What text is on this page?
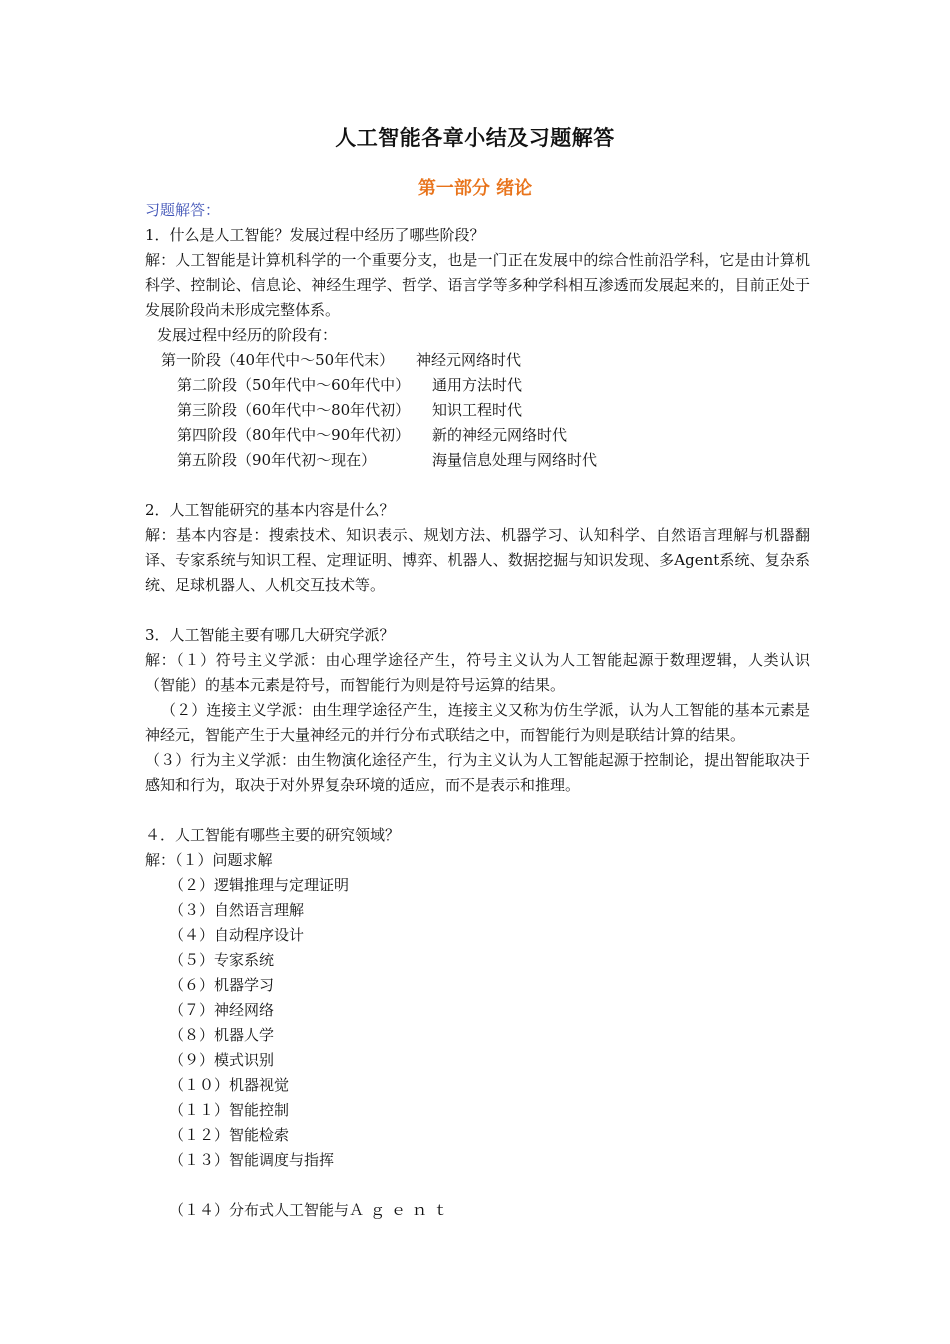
人工智能各章小结及习题解答
第一部分 绪论
习题解答：
1．什么是人工智能？发展过程中经历了哪些阶段？
解：人工智能是计算机科学的一个重要分支，也是一门正在发展中的综合性前沿学科，它是由计算机科学、控制论、信息论、神经生理学、哲学、语言学等多种学科相互渗透而发展起来的，目前正处于发展阶段尚未形成完整体系。
发展过程中经历的阶段有：
第一阶段（40年代中～50年代末） 神经元网络时代
第二阶段（50年代中～60年代中） 通用方法时代
第三阶段（60年代中～80年代初） 知识工程时代
第四阶段（80年代中～90年代初） 新的神经元网络时代
第五阶段（90年代初～现在）	海量信息处理与网络时代
2．人工智能研究的基本内容是什么？
解：基本内容是：搜索技术、知识表示、规划方法、机器学习、认知科学、自然语言理解与机器翻译、专家系统与知识工程、定理证明、博弈、机器人、数据挖掘与知识发现、多Agent系统、复杂系统、足球机器人、人机交互技术等。
3．人工智能主要有哪几大研究学派？
解：（１）符号主义学派：由心理学途径产生，符号主义认为人工智能起源于数理逻辑，人类认识（智能）的基本元素是符号，而智能行为则是符号运算的结果。
（２）连接主义学派：由生理学途径产生，连接主义又称为仿生学派，认为人工智能的基本元素是神经元，智能产生于大量神经元的并行分布式联结之中，而智能行为则是联结计算的结果。
（３）行为主义学派：由生物演化途径产生，行为主义认为人工智能起源于控制论，提出智能取决于感知和行为，取决于对外界复杂环境的适应，而不是表示和推理。
４．人工智能有哪些主要的研究领域？
解：（１）问题求解
（２）逻辑推理与定理证明
（３）自然语言理解
（４）自动程序设计
（５）专家系统
（６）机器学习
（７）神经网络
（８）机器人学
（９）模式识别
（１０）机器视觉
（１１）智能控制
（１２）智能检索
（１３）智能调度与指挥
（１４）分布式人工智能与Ａｇｅｎｔ
